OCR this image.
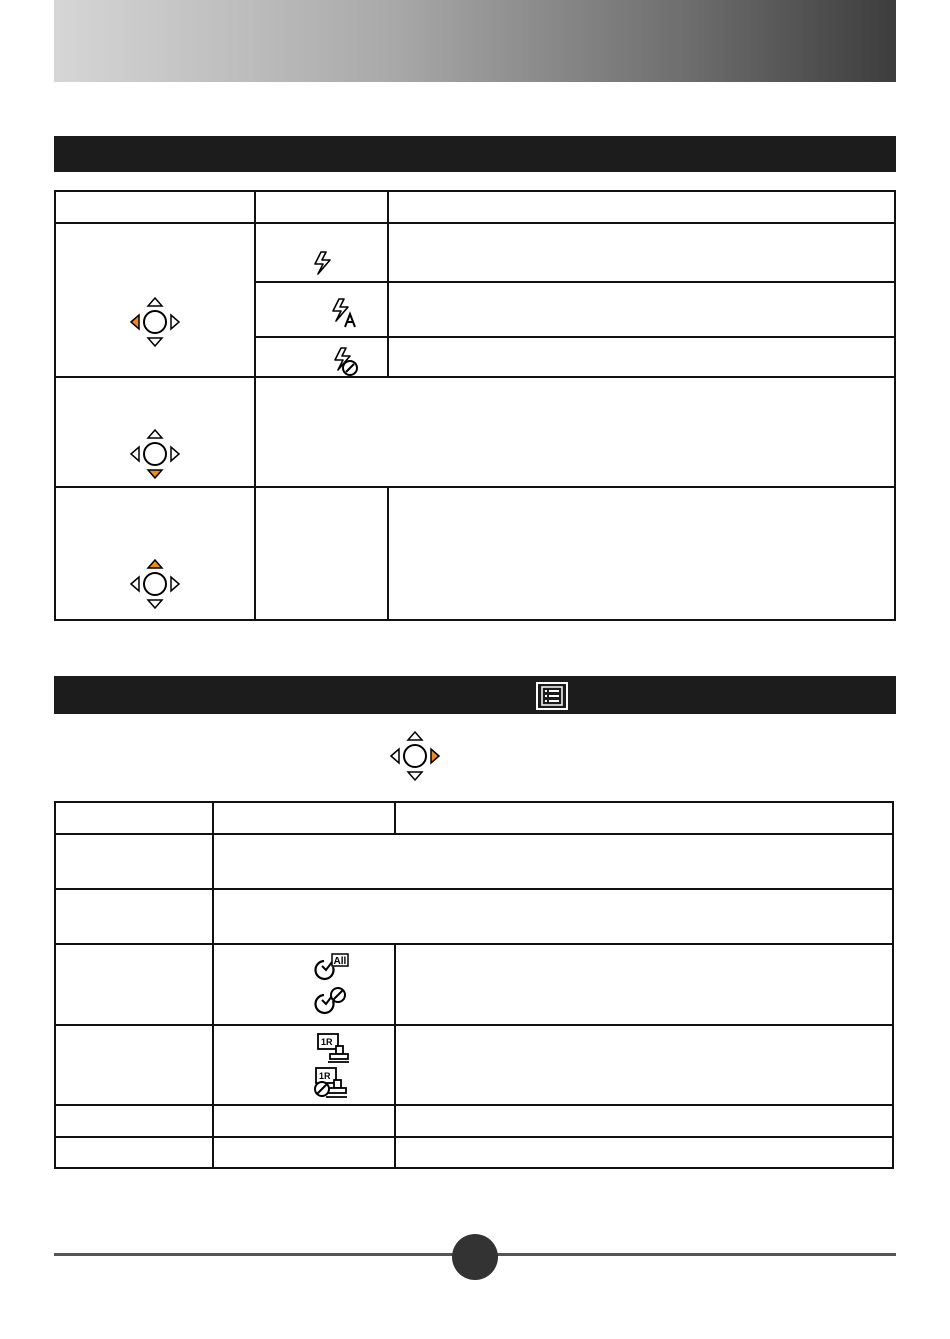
All
1R
1R
